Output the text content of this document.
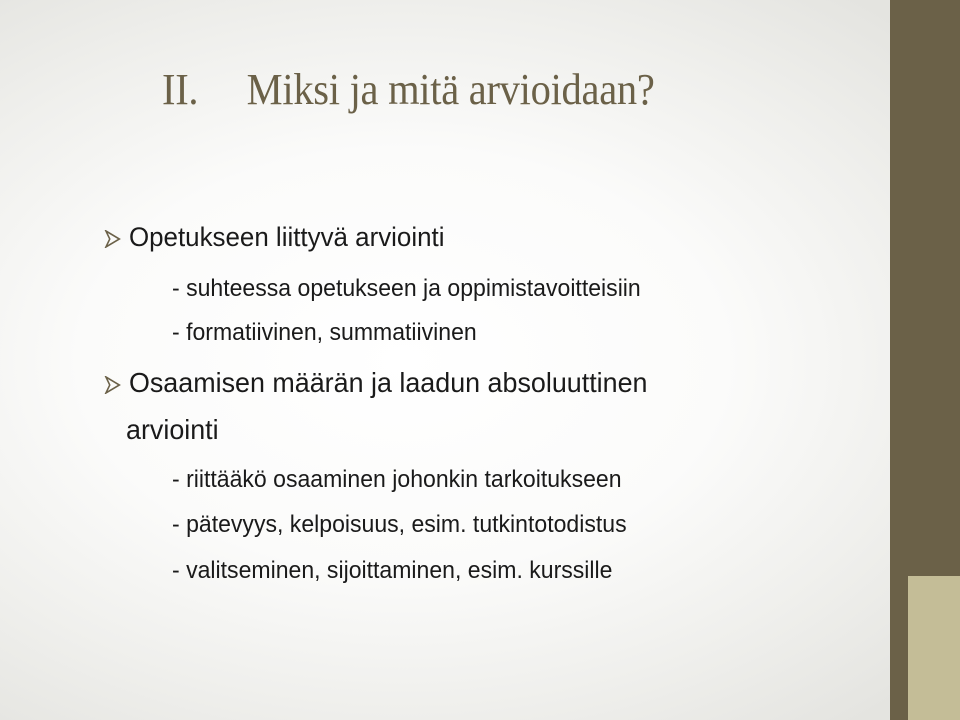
II. Miksi ja mitä arvioidaan?
Opetukseen liittyvä arviointi
- suhteessa opetukseen ja oppimistavoitteisiin
- formatiivinen, summatiivinen
Osaamisen määrän ja laadun absoluuttinen
arviointi
- riittääkö osaaminen johonkin tarkoitukseen
- pätevyys, kelpoisuus, esim. tutkintotodistus
- valitseminen, sijoittaminen, esim. kurssille
